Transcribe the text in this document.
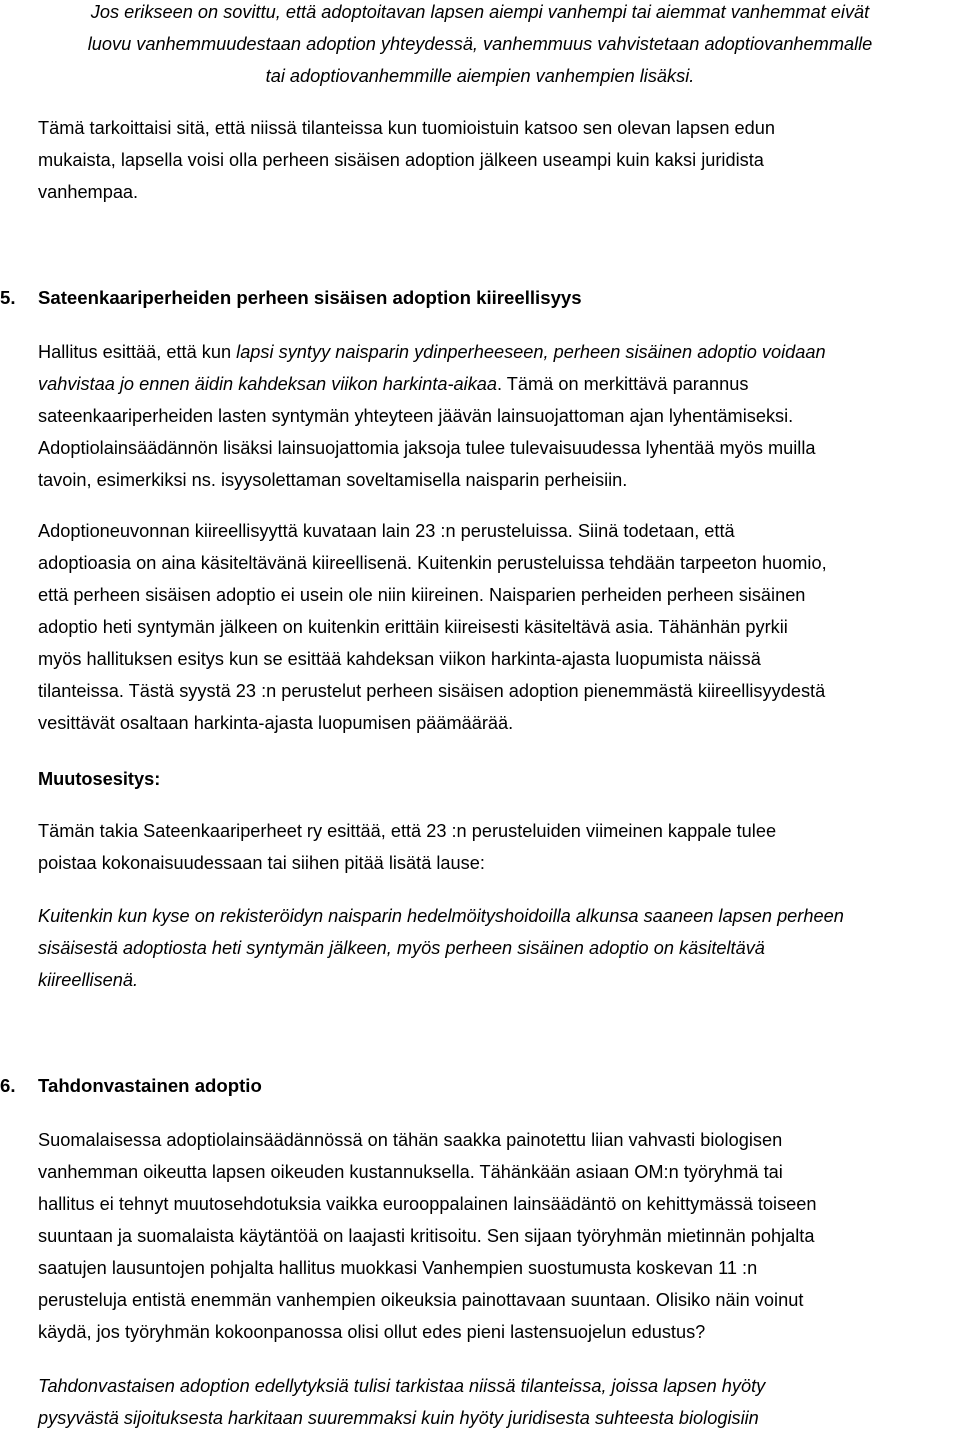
Jos erikseen on sovittu, että adoptoitavan lapsen aiempi vanhempi tai aiemmat vanhemmat eivät
luovu vanhemmuudestaan adoption yhteydessä, vanhemmuus vahvistetaan adoptiovanhemmalle
tai adoptiovanhemmille aiempien vanhempien lisäksi.
Tämä tarkoittaisi sitä, että niissä tilanteissa kun tuomioistuin katsoo sen olevan lapsen edun
mukaista, lapsella voisi olla perheen sisäisen adoption jälkeen useampi kuin kaksi juridista
vanhempaa.
5. Sateenkaariperheiden perheen sisäisen adoption kiireellisyys
Hallitus esittää, että kun lapsi syntyy naisparin ydinperheeseen, perheen sisäinen adoptio voidaan
vahvistaa jo ennen äidin kahdeksan viikon harkinta-aikaa. Tämä on merkittävä parannus
sateenkaariperheiden lasten syntymän yhteyteen jäävän lainsuojattoman ajan lyhentämiseksi.
Adoptiolainsäädännön lisäksi lainsuojattomia jaksoja tulee tulevaisuudessa lyhentää myös muilla
tavoin, esimerkiksi ns. isyysolettaman soveltamisella naisparin perheisiin.
Adoptioneuvonnan kiireellisyyttä kuvataan lain 23 :n perusteluissa. Siinä todetaan, että
adoptioasia on aina käsiteltävänä kiireellisenä. Kuitenkin perusteluissa tehdään tarpeeton huomio,
että perheen sisäisen adoptio ei usein ole niin kiireinen. Naisparien perheiden perheen sisäinen
adoptio heti syntymän jälkeen on kuitenkin erittäin kiireisesti käsiteltävä asia. Tähänhän pyrkii
myös hallituksen esitys kun se esittää kahdeksan viikon harkinta-ajasta luopumista näissä
tilanteissa. Tästä syystä 23 :n perustelut perheen sisäisen adoption pienemmästä kiireellisyydestä
vesittävät osaltaan harkinta-ajasta luopumisen päämäärää.
Muutosesitys:
Tämän takia Sateenkaariperheet ry esittää, että 23 :n perusteluiden viimeinen kappale tulee
poistaa kokonaisuudessaan tai siihen pitää lisätä lause:
Kuitenkin kun kyse on rekisteröidyn naisparin hedelmöityshoidoilla alkunsa saaneen lapsen perheen
sisäisestä adoptiosta heti syntymän jälkeen, myös perheen sisäinen adoptio on käsiteltävä
kiireellisenä.
6. Tahdonvastainen adoptio
Suomalaisessa adoptiolainsäädännössä on tähän saakka painotettu liian vahvasti biologisen
vanhemman oikeutta lapsen oikeuden kustannuksella. Tähänkään asiaan OM:n työryhmä tai
hallitus ei tehnyt muutosehdotuksia vaikka eurooppalainen lainsäädäntö on kehittymässä toiseen
suuntaan ja suomalaista käytäntöä on laajasti kritisoitu. Sen sijaan työryhmän mietinnän pohjalta
saatujen lausuntojen pohjalta hallitus muokkasi Vanhempien suostumusta koskevan 11 :n
perusteluja entistä enemmän vanhempien oikeuksia painottavaan suuntaan. Olisiko näin voinut
käydä, jos työryhmän kokoonpanossa olisi ollut edes pieni lastensuojelun edustus?
Tahdonvastaisen adoption edellytyksiä tulisi tarkistaa niissä tilanteissa, joissa lapsen hyöty
pysyvästä sijoituksesta harkitaan suuremmaksi kuin hyöty juridisesta suhteesta biologisiin
